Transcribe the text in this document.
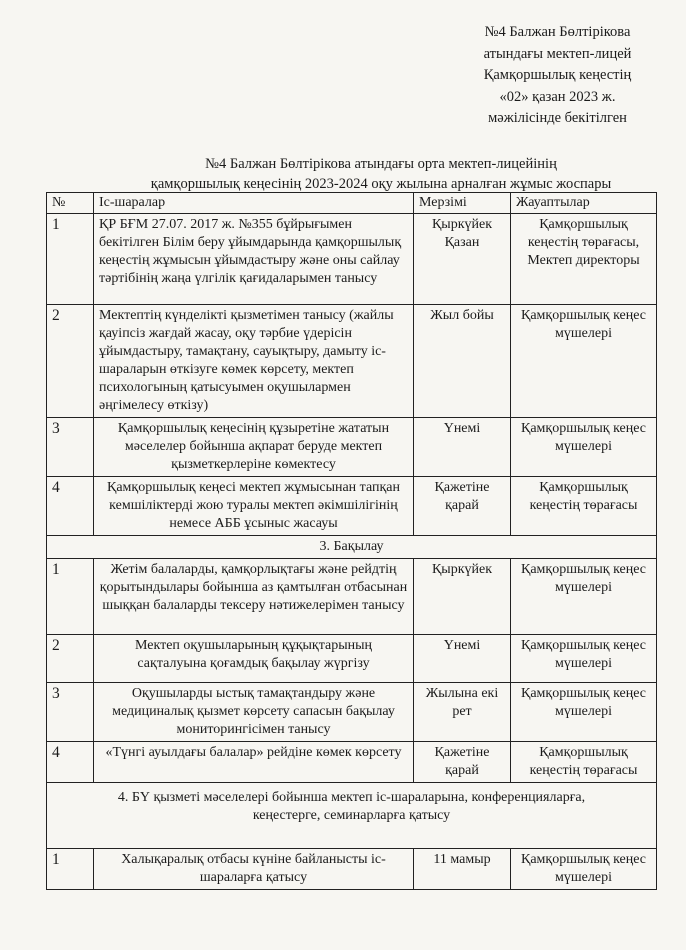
№4 Балжан Бөлтірікова
атындағы мектеп-лицей
Қамқоршылық кеңестің
«02» қазан 2023 ж.
мәжілісінде бекітілген
№4 Балжан Бөлтірікова атындағы орта мектеп-лицейінің
қамқоршылық кеңесінің 2023-2024 оқу жылына арналған жұмыс жоспары
№	Іс-шаралар	Мерзімі	Жауаптылар
1	ҚР БҒМ 27.07. 2017 ж. №355 бұйрығымен бекітілген Білім беру ұйымдарында қамқоршылық кеңестің жұмысын ұйымдастыру және оны сайлау тәртібінің жаңа үлгілік қағидаларымен танысу	Қыркүйек Қазан	Қамқоршылық кеңестің төрағасы, Мектеп директоры
2	Мектептің күнделікті қызметімен танысу (жайлы қауіпсіз жағдай жасау, оқу тәрбие үдерісін ұйымдастыру, тамақтану, сауықтыру, дамыту іс-шараларын өткізуге көмек көрсету, мектеп психологының қатысуымен оқушылармен әңгімелесу өткізу)	Жыл бойы	Қамқоршылық кеңес мүшелері
3	Қамқоршылық кеңесінің құзыретіне жататын мәселелер бойынша ақпарат беруде мектеп қызметкерлеріне көмектесу	Үнемі	Қамқоршылық кеңес мүшелері
4	Қамқоршылық кеңесі мектеп жұмысынан тапқан кемшіліктерді жою туралы мектеп әкімшілігінің немесе АББ ұсыныс жасауы	Қажетіне қарай	Қамқоршылық кеңестің төрағасы
3. Бақылау			
1	Жетім балаларды, қамқорлықтағы және рейдтің қорытындылары бойынша аз қамтылған отбасынан шыққан балаларды тексеру нәтижелерімен танысу	Қыркүйек	Қамқоршылық кеңес мүшелері
2	Мектеп оқушыларының құқықтарының сақталуына қоғамдық бақылау жүргізу	Үнемі	Қамқоршылық кеңес мүшелері
3	Оқушыларды ыстық тамақтандыру және медициналық қызмет көрсету сапасын бақылау мониторингісімен танысу	Жылына екі рет	Қамқоршылық кеңес мүшелері
4	«Түнгі ауылдағы балалар» рейдіне көмек көрсету	Қажетіне қарай	Қамқоршылық кеңестің төрағасы
4. БҮ қызметі мәселелері бойынша мектеп іс-шараларына, конференцияларға, кеңестерге, семинарларға қатысу			
1	Халықаралық отбасы күніне байланысты іс-шараларға қатысу	11 мамыр	Қамқоршылық кеңес мүшелері
